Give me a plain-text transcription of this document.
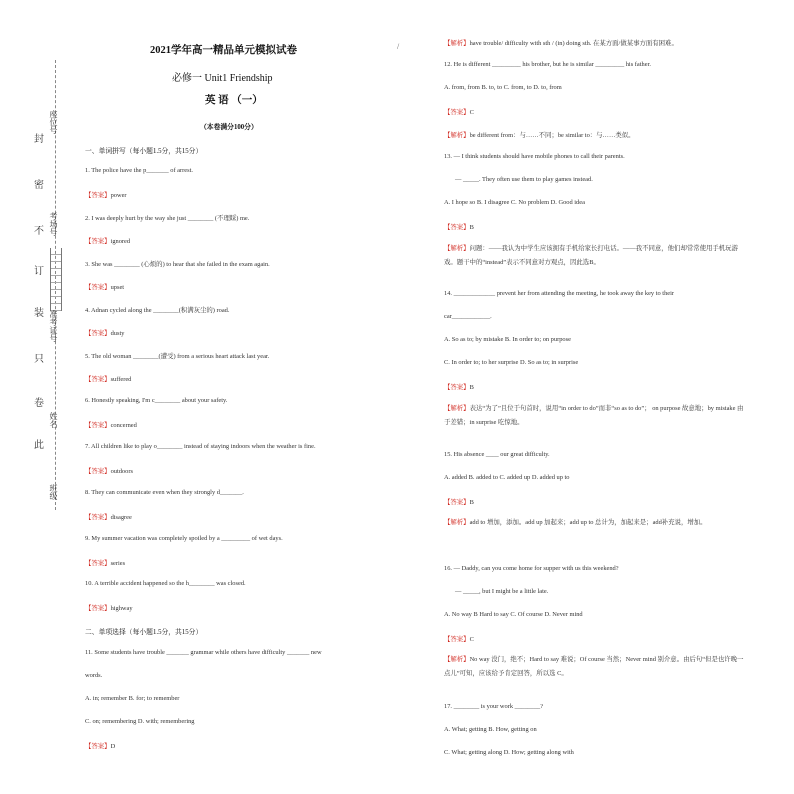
封
密
不
订
装
只
卷
此
座位号
考场号
准考证号
姓名
班级
2021学年高一精品单元模拟试卷
必修一 Unit1 Friendship
英 语 （一）
（本卷满分100分）
/
一、单词拼写（每小题1.5分，共15分）
1. The police have the p_______ of arrest.
【答案】power
2. I was deeply hurt by the way she just ________ (不理睬) me.
【答案】ignored
3. She was ________ (心烦的) to hear that she failed in the exam again.
【答案】upset
4. Adnan cycled along the ________(积满灰尘的) road.
【答案】dusty
5. The old woman ________(遭受) from a serious heart attack last year.
【答案】suffered
6. Honestly speaking, I'm c________ about your safety.
【答案】concerned
7. All children like to play o________ instead of staying indoors when the weather is fine.
【答案】outdoors
8. They can communicate even when they strongly d_______.
【答案】disagree
9. My summer vacation was completely spoiled by a _________ of wet days.
【答案】series
10. A terrible accident happened so the h________ was closed.
【答案】highway
二、单项选择（每小题1.5分，共15分）
11. Some students have trouble _______ grammar while others have difficulty _______ new
words.
A. in; remember B. for; to remember
C. on; remembering D. with; remembering
【答案】D
【解析】have trouble/ difficulty with sth / (in) doing sth. 在某方面/做某事方面有困难。
12. He is different _________ his brother, but he is similar _________ his father.
A. from, from B. to, to C. from, to D. to, from
【答案】C
【解析】be different from：与……不同；be similar to：与……类似。
13. — I think students should have mobile phones to call their parents.
— _____. They often use them to play games instead.
A. I hope so B. I disagree C. No problem D. Good idea
【答案】B
【解析】问题：——我认为中学生应该拥有手机给家长打电话。——我不同意，他们却常常使用手机玩游戏。题干中的“instead”表示不同意对方观点，因此选B。
14. _____________ prevent her from attending the meeting, he took away the key to their
car____________.
A. So as to; by mistake B. In order to; on purpose
C. In order to; to her surprise D. So as to; in surprise
【答案】B
【解析】表达“为了”且位于句首时，说用“in order to do”而非“so as to do”； on purpose 故意地；by mistake 由于差错；in surprise 吃惊地。
15. His absence ____ our great difficulty.
A. added B. added to C. added up D. added up to
【答案】B
【解析】add to 增加，添加。add up 加起来；add up to 总计为，加起来是；add补充说，增加。
16. — Daddy, can you come home for supper with us this weekend?
— _____, but I might be a little late.
A. No way B Hard to say C. Of course D. Never mind
【答案】C
【解析】No way 没门，绝不；Hard to say 难说；Of course 当然；Never mind 别介意。由后句“但是也许晚一点儿”可知，应该给予肯定回答，所以选 C。
17. ________ is your work ________?
A. What; getting B. How, getting on
C. What; getting along D. How; getting along with
